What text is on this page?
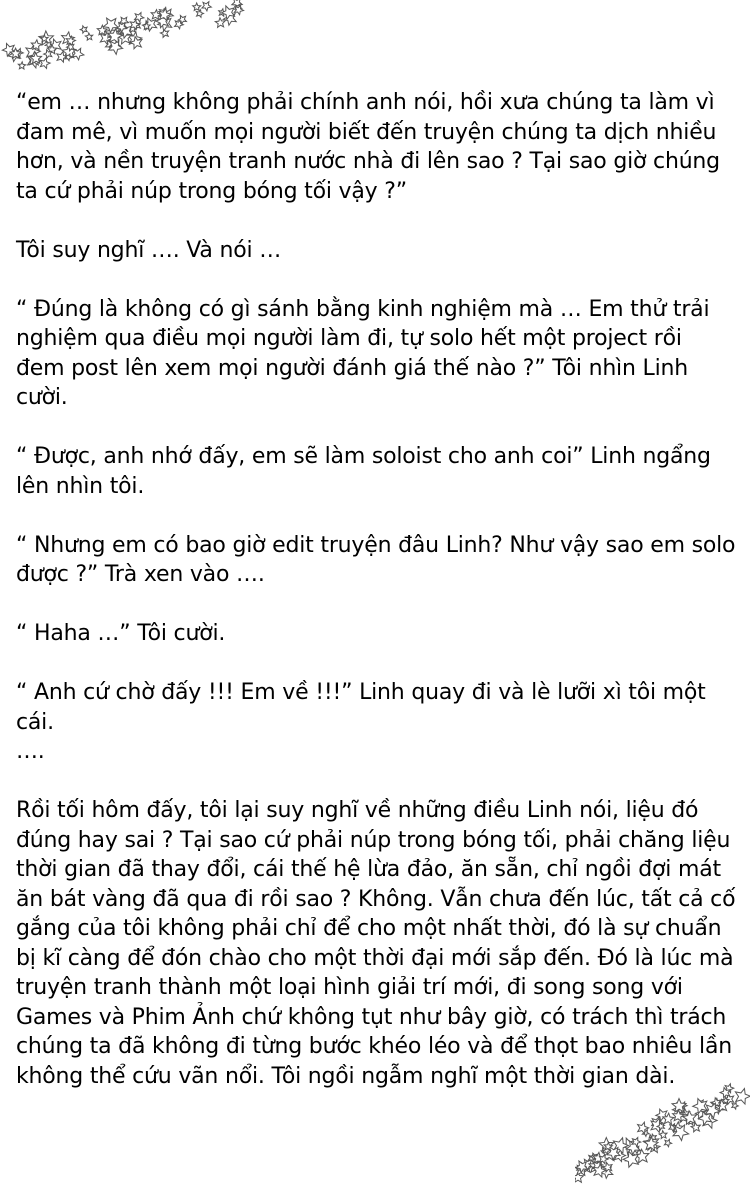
“em … nhưng không phải chính anh nói, hồi xưa chúng ta làm vì đam mê, vì muốn mọi người biết đến truyện chúng ta dịch nhiều hơn, và nền truyện tranh nước nhà đi lên sao ? Tại sao giờ chúng ta cứ phải núp trong bóng tối vậy ?”

Tôi suy nghĩ …. Và nói …

“ Đúng là không có gì sánh bằng kinh nghiệm mà … Em thử trải nghiệm qua điều mọi người làm đi, tự solo hết một project rồi đem post lên xem mọi người đánh giá thế nào ?” Tôi nhìn Linh cười.

“ Được, anh nhớ đấy, em sẽ làm soloist cho anh coi” Linh ngẩng lên nhìn tôi.

“ Nhưng em có bao giờ edit truyện đâu Linh? Như vậy sao em solo được ?” Trà xen vào ….

“ Haha …” Tôi cười.

“ Anh cứ chờ đấy !!! Em về !!!” Linh quay đi và lè lưỡi xì tôi một cái.

….

Rồi tối hôm đấy, tôi lại suy nghĩ về những điều Linh nói, liệu đó đúng hay sai ? Tại sao cứ phải núp trong bóng tối, phải chăng liệu thời gian đã thay đổi, cái thế hệ lừa đảo, ăn sẵn, chỉ ngồi đợi mát ăn bát vàng đã qua đi rồi sao ? Không. Vẫn chưa đến lúc, tất cả cố gắng của tôi không phải chỉ để cho một nhất thời, đó là sự chuẩn bị kĩ càng để đón chào cho một thời đại mới sắp đến. Đó là lúc mà truyện tranh thành một loại hình giải trí mới, đi song song với Games và Phim Ảnh chứ không tụt như bây giờ, có trách thì trách chúng ta đã không đi từng bước khéo léo và để thọt bao nhiêu lần không thể cứu vãn nổi. Tôi ngồi ngẫm nghĩ một thời gian dài.
